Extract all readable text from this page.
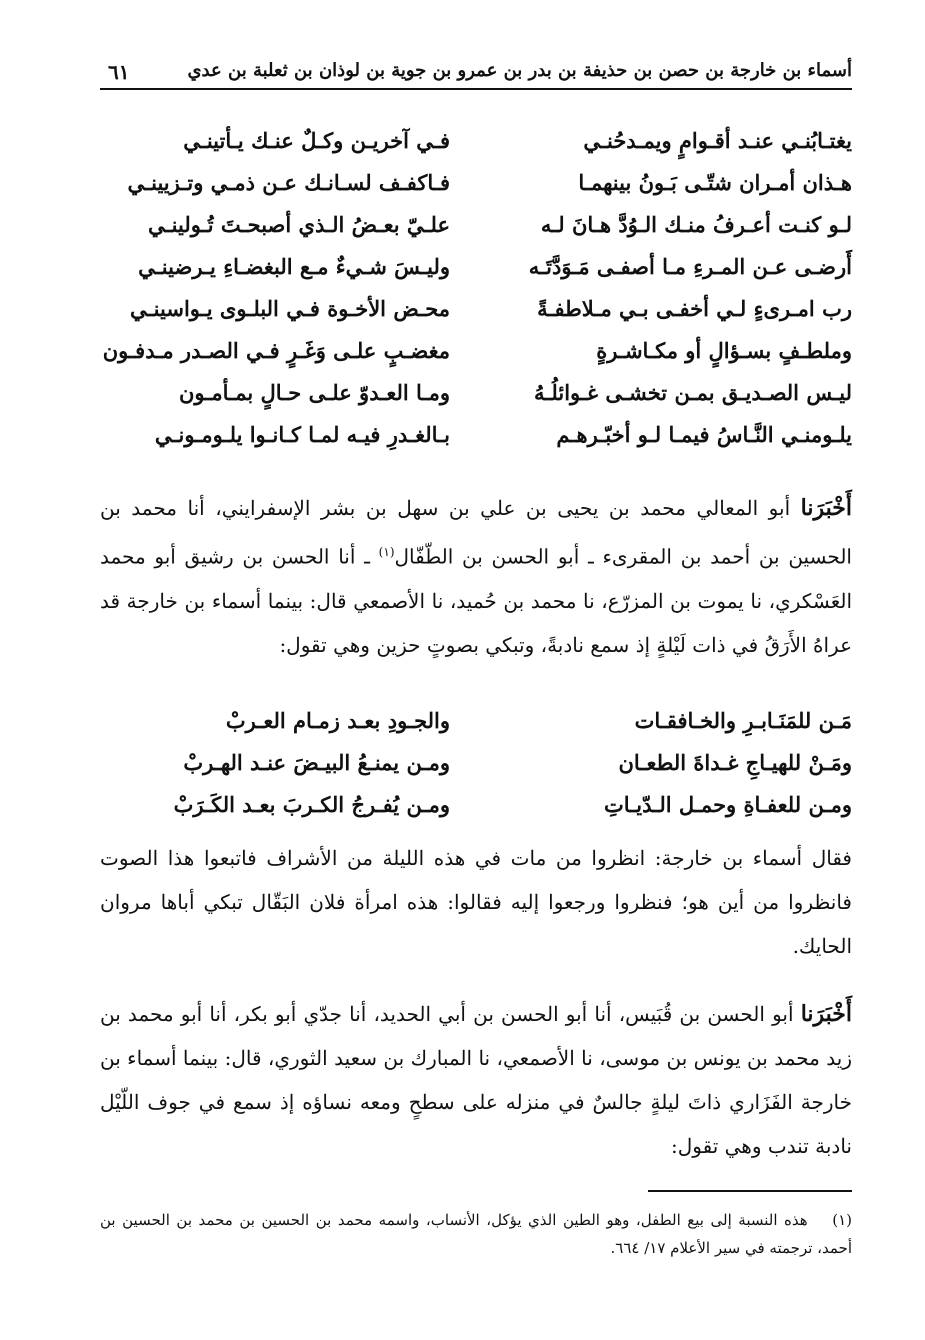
أسماء بن خارجة بن حصن بن حذيفة بن بدر بن عمرو بن جوية بن لوذان بن ثعلبة بن عدي
٦١
يغتـابُنـي عنـد أقـوامٍ ويمـدحُنـي
فـي آخريـن وكـلٌ عنـك يـأتينـي
هـذان أمـران شتّـى بَـونُ بينهمـا
فـاكفـف لسـانـك عـن ذمـي وتـزيينـي
لـو كنـت أعـرفُ منـك الـوُدَّ هـانَ لـه
علـيّ بعـضُ الـذي أصبحـتَ تُـولينـي
أَرضـى عـن المـرءِ مـا أصفـى مَـوَدَّتَـه
وليـسَ شـيءٌ مـع البغضـاءِ يـرضينـي
رب امـرىءٍ لـي أخفـى بـي مـلاطفـةً
محـض الأخـوة فـي البلـوى يـواسينـي
وملطـفٍ بسـؤالٍ أو مكـاشـرةٍ
مغضـبٍ علـى وَغَـرٍ فـي الصـدر مـدفـون
ليـس الصـديـق بمـن تخشـى غـوائلُـهُ
ومـا العـدوّ علـى حـالٍ بمـأمـون
يلـومنـي النَّـاسُ فيمـا لـو أخبّـرهـم
بـالغـدرِ فيـه لمـا كـانـوا يلـومـونـي
أَخْبَرَنا أبو المعالي محمد بن يحيى بن علي بن سهل بن بشر الإسفرايني، أنا محمد بن الحسين بن أحمد بن المقرىء ـ أبو الحسن بن الطّفّال$^{(١)}$ ـ أنا الحسن بن رشيق أبو محمد العَسْكري، نا يموت بن المزرّع، نا محمد بن حُميد، نا الأصمعي قال: بينما أسماء بن خارجة قد عراهُ الأَرَقُ في ذات لَيْلةٍ إذ سمع نادبةً، وتبكي بصوتٍ حزين وهي تقول:
مَـن للمَنَـابـرِ والخـافقـات
والجـودِ بعـد زمـام العـربْ
ومَـنْ للهيـاجِ غـداةَ الطعـان
ومـن يمنـعُ البيـضَ عنـد الهـربْ
ومـن للعفـاةِ وحمـل الـدّيـاتِ
ومـن يُفـرجُ الكـربَ بعـد الكَـرَبْ
فقال أسماء بن خارجة: انظروا من مات في هذه الليلة من الأشراف فاتبعوا هذا الصوت فانظروا من أين هو؛ فنظروا ورجعوا إليه فقالوا: هذه امرأة فلان البَقّال تبكي أباها مروان الحايك.
أَخْبَرَنا أبو الحسن بن قُبَيس، أنا أبو الحسن بن أبي الحديد، أنا جدّي أبو بكر، أنا أبو محمد بن زيد محمد بن يونس بن موسى، نا الأصمعي، نا المبارك بن سعيد الثوري، قال: بينما أسماء بن خارجة الفَزَاري ذاتَ ليلةٍ جالسٌ في منزله على سطحٍ ومعه نساؤه إذ سمع في جوف اللّيْل نادبة تندب وهي تقول:
(١) هذه النسبة إلى بيع الطفل، وهو الطين الذي يؤكل، الأنساب، واسمه محمد بن الحسين بن محمد بن الحسين بن أحمد، ترجمته في سير الأعلام ١٧/ ٦٦٤.
